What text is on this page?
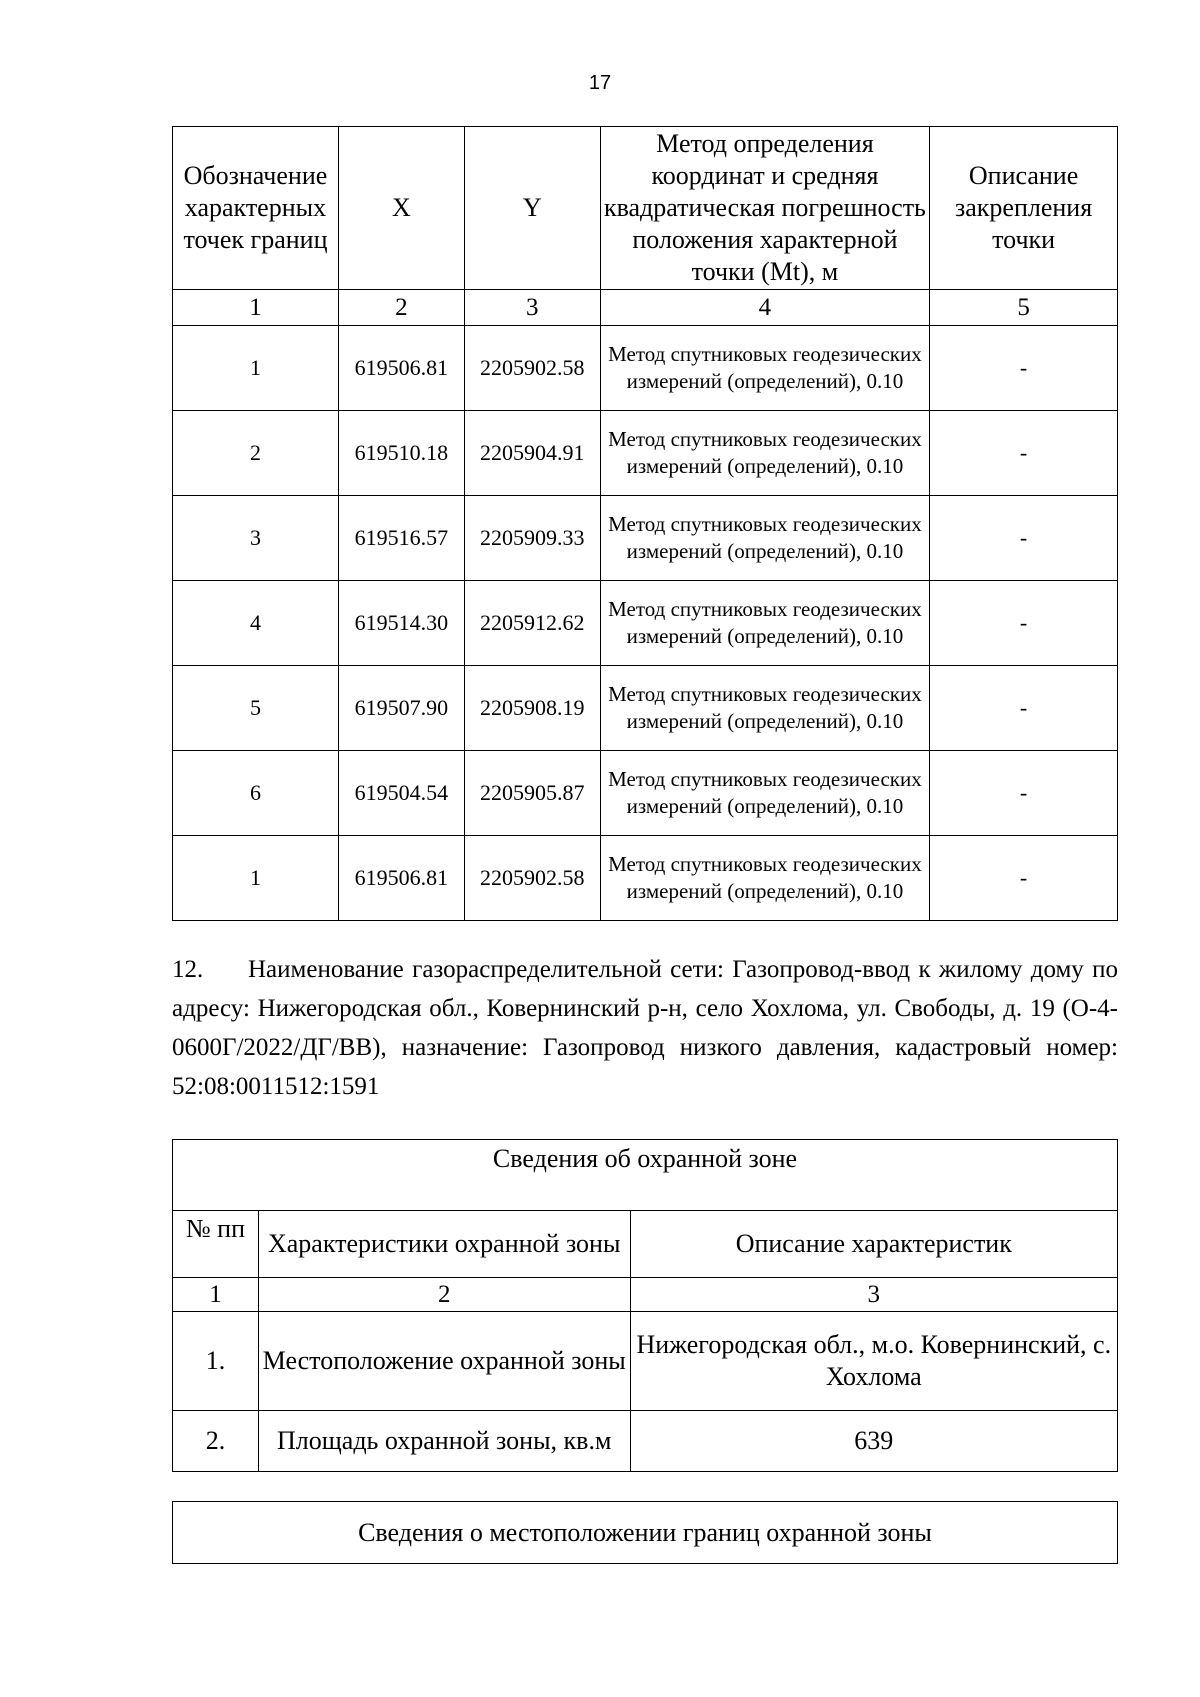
17
Обозначение характерных точек границ	X	Y	Метод определения координат и средняя квадратическая погрешность положения характерной точки (Mt), м	Описание закрепления точки
1	2	3	4	5
1	619506.81	2205902.58	Метод спутниковых геодезических измерений (определений), 0.10	-
2	619510.18	2205904.91	Метод спутниковых геодезических измерений (определений), 0.10	-
3	619516.57	2205909.33	Метод спутниковых геодезических измерений (определений), 0.10	-
4	619514.30	2205912.62	Метод спутниковых геодезических измерений (определений), 0.10	-
5	619507.90	2205908.19	Метод спутниковых геодезических измерений (определений), 0.10	-
6	619504.54	2205905.87	Метод спутниковых геодезических измерений (определений), 0.10	-
1	619506.81	2205902.58	Метод спутниковых геодезических измерений (определений), 0.10	-

12. Наименование газораспределительной сети: Газопровод-ввод к жилому дому по адресу: Нижегородская обл., Ковернинский р-н, село Хохлома, ул. Свободы, д. 19 (О-4-0600Г/2022/ДГ/ВВ), назначение: Газопровод низкого давления, кадастровый номер: 52:08:0011512:1591

Сведения об охранной зоне		
№ пп	Характеристики охранной зоны	Описание характеристик
1	2	3
1.	Местоположение охранной зоны	Нижегородская обл., м.о. Ковернинский, с. Хохлома
2.	Площадь охранной зоны, кв.м	639
Сведения о местоположении границ охранной зоны
